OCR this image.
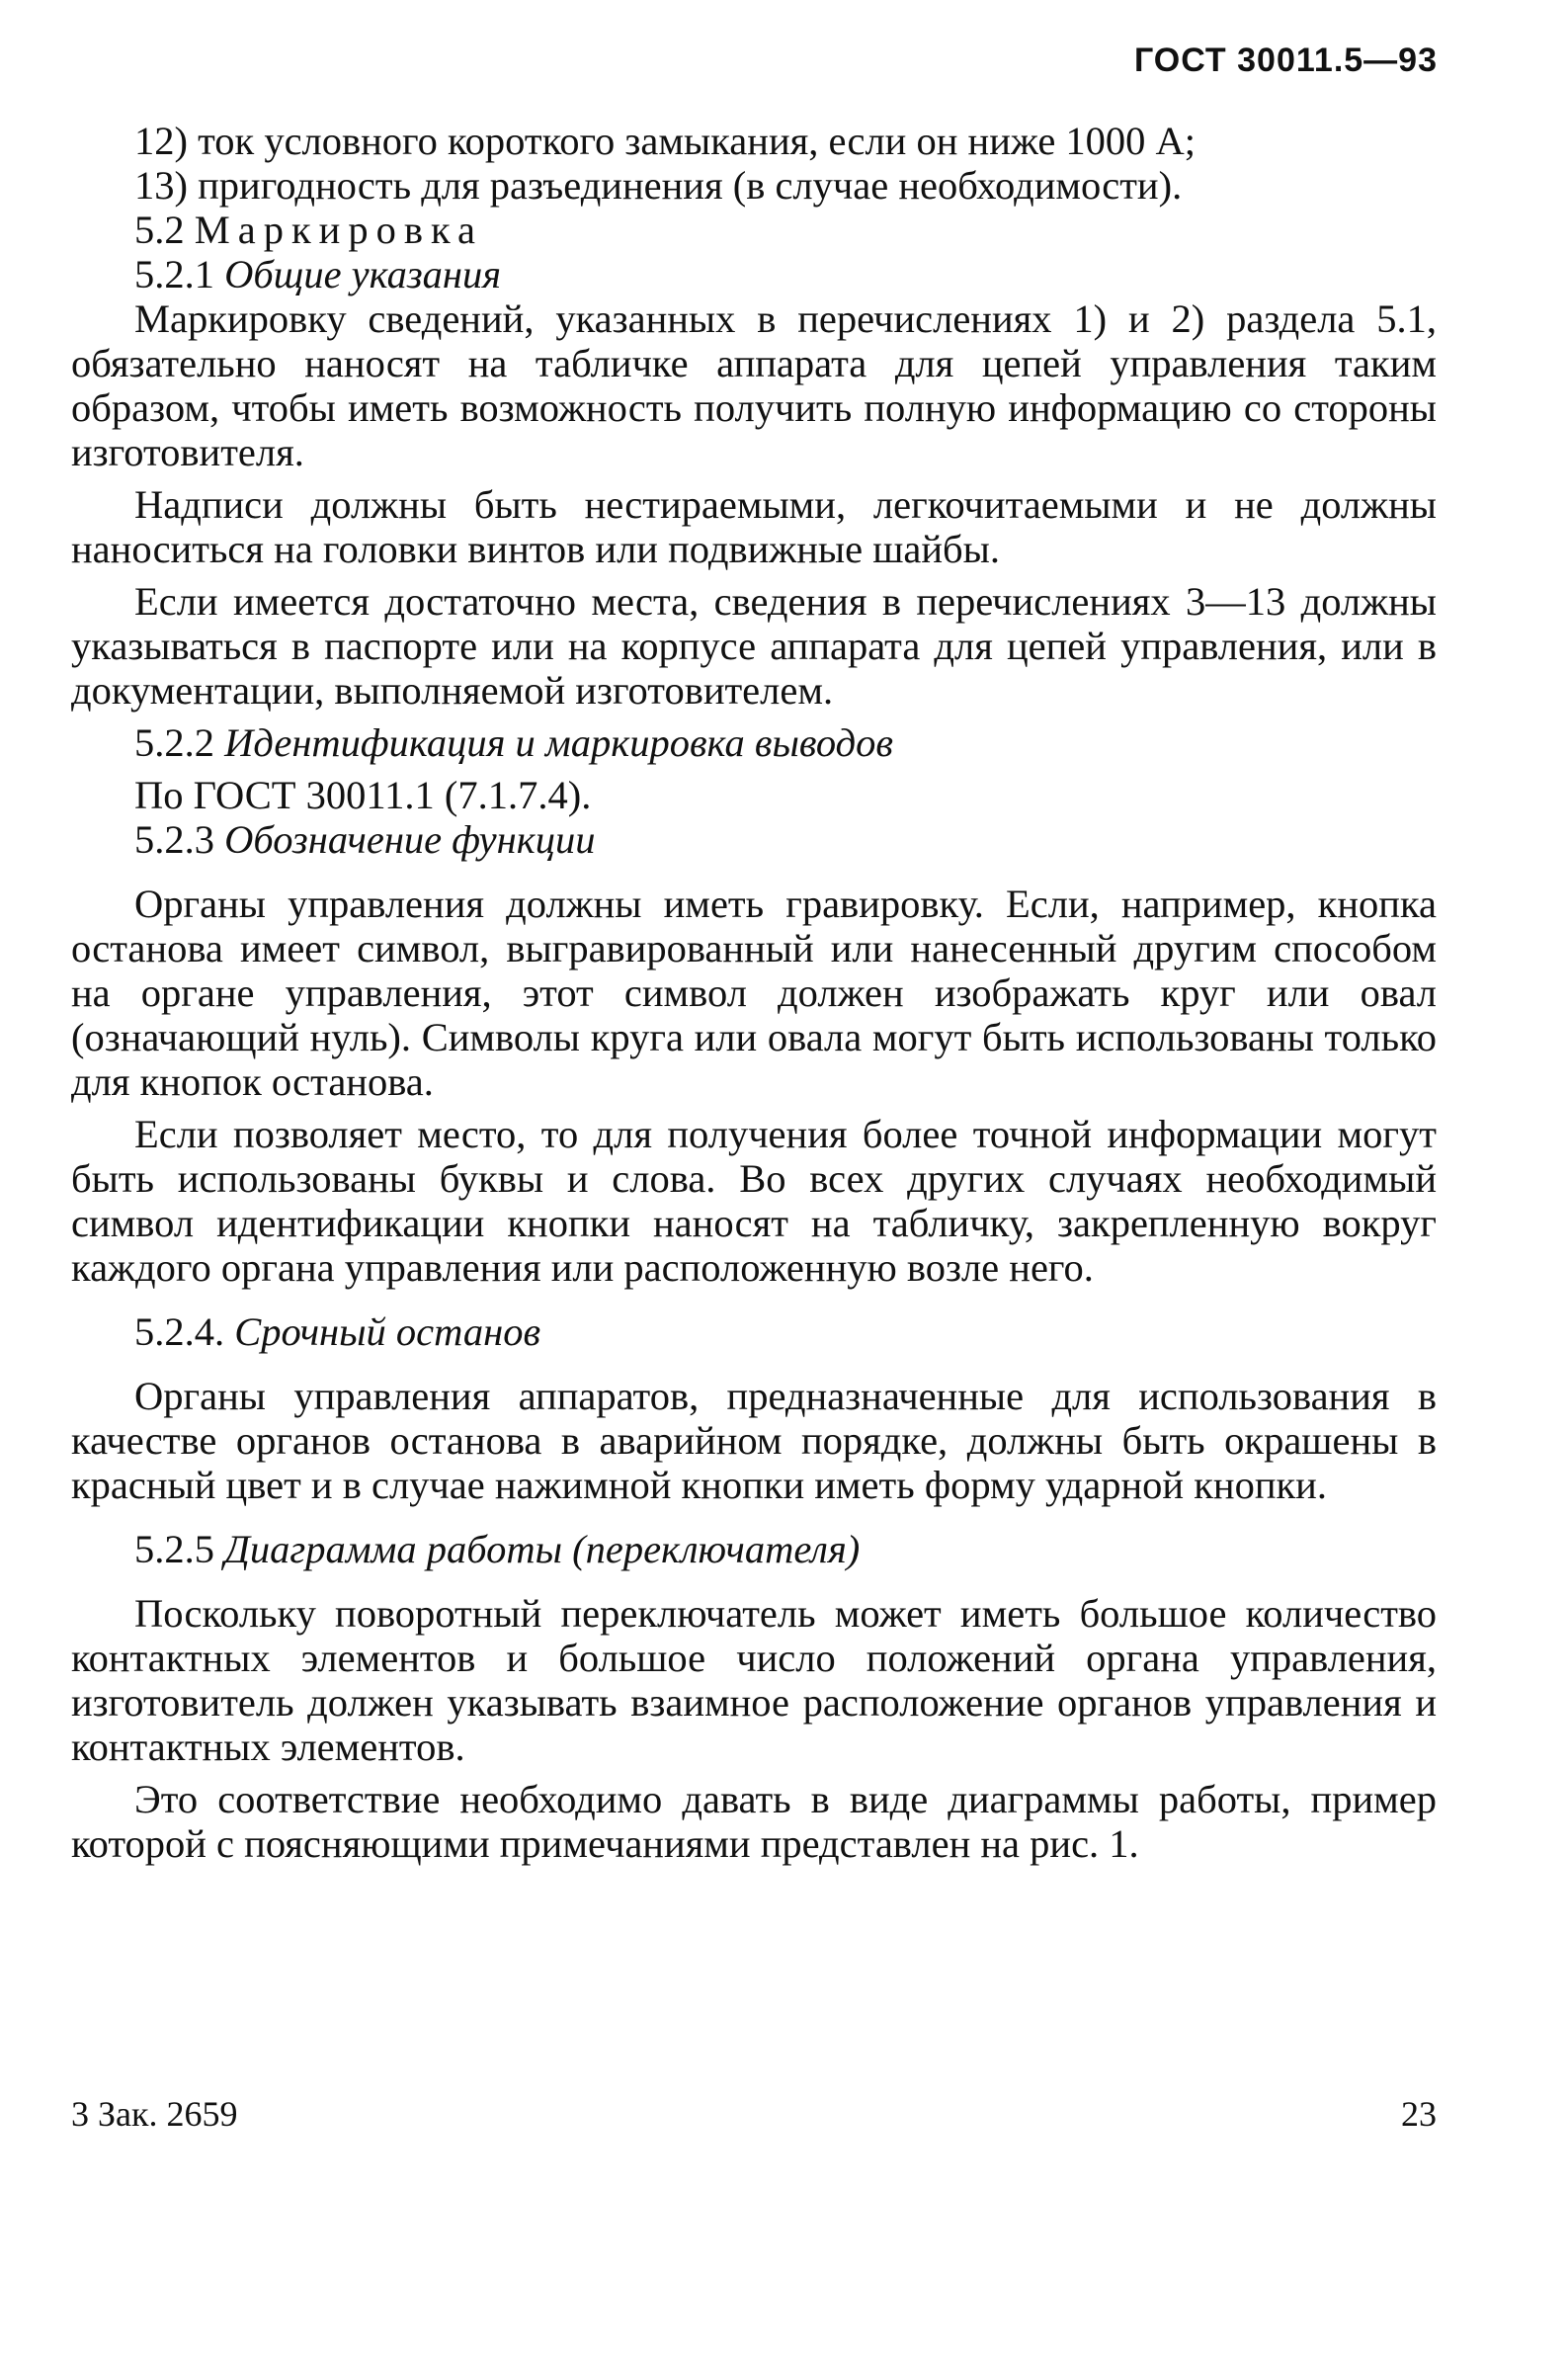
ГОСТ 30011.5—93

12) ток условного короткого замыкания, если он ниже 1000 А;

13) пригодность для разъединения (в случае необходимости).

5.2 Маркировка

5.2.1 Общие указания

Маркировку сведений, указанных в перечислениях 1) и 2) раздела 5.1, обязательно наносят на табличке аппарата для цепей управления таким образом, чтобы иметь возможность получить полную информацию со стороны изготовителя.

Надписи должны быть нестираемыми, легкочитаемыми и не должны наноситься на головки винтов или подвижные шайбы.

Если имеется достаточно места, сведения в перечислениях 3—13 должны указываться в паспорте или на корпусе аппарата для цепей управления, или в документации, выполняемой изготовителем.

5.2.2 Идентификация и маркировка выводов

По ГОСТ 30011.1 (7.1.7.4).

5.2.3 Обозначение функции

Органы управления должны иметь гравировку. Если, например, кнопка останова имеет символ, выгравированный или нанесенный другим способом на органе управления, этот символ должен изображать круг или овал (означающий нуль). Символы круга или овала могут быть использованы только для кнопок останова.

Если позволяет место, то для получения более точной информации могут быть использованы буквы и слова. Во всех других случаях необходимый символ идентификации кнопки наносят на табличку, закрепленную вокруг каждого органа управления или расположенную возле него.

5.2.4. Срочный останов

Органы управления аппаратов, предназначенные для использования в качестве органов останова в аварийном порядке, должны быть окрашены в красный цвет и в случае нажимной кнопки иметь форму ударной кнопки.

5.2.5 Диаграмма работы (переключателя)

Поскольку поворотный переключатель может иметь большое количество контактных элементов и большое число положений органа управления, изготовитель должен указывать взаимное расположение органов управления и контактных элементов.

Это соответствие необходимо давать в виде диаграммы работы, пример которой с поясняющими примечаниями представлен на рис. 1.

3 Зак. 2659	23
